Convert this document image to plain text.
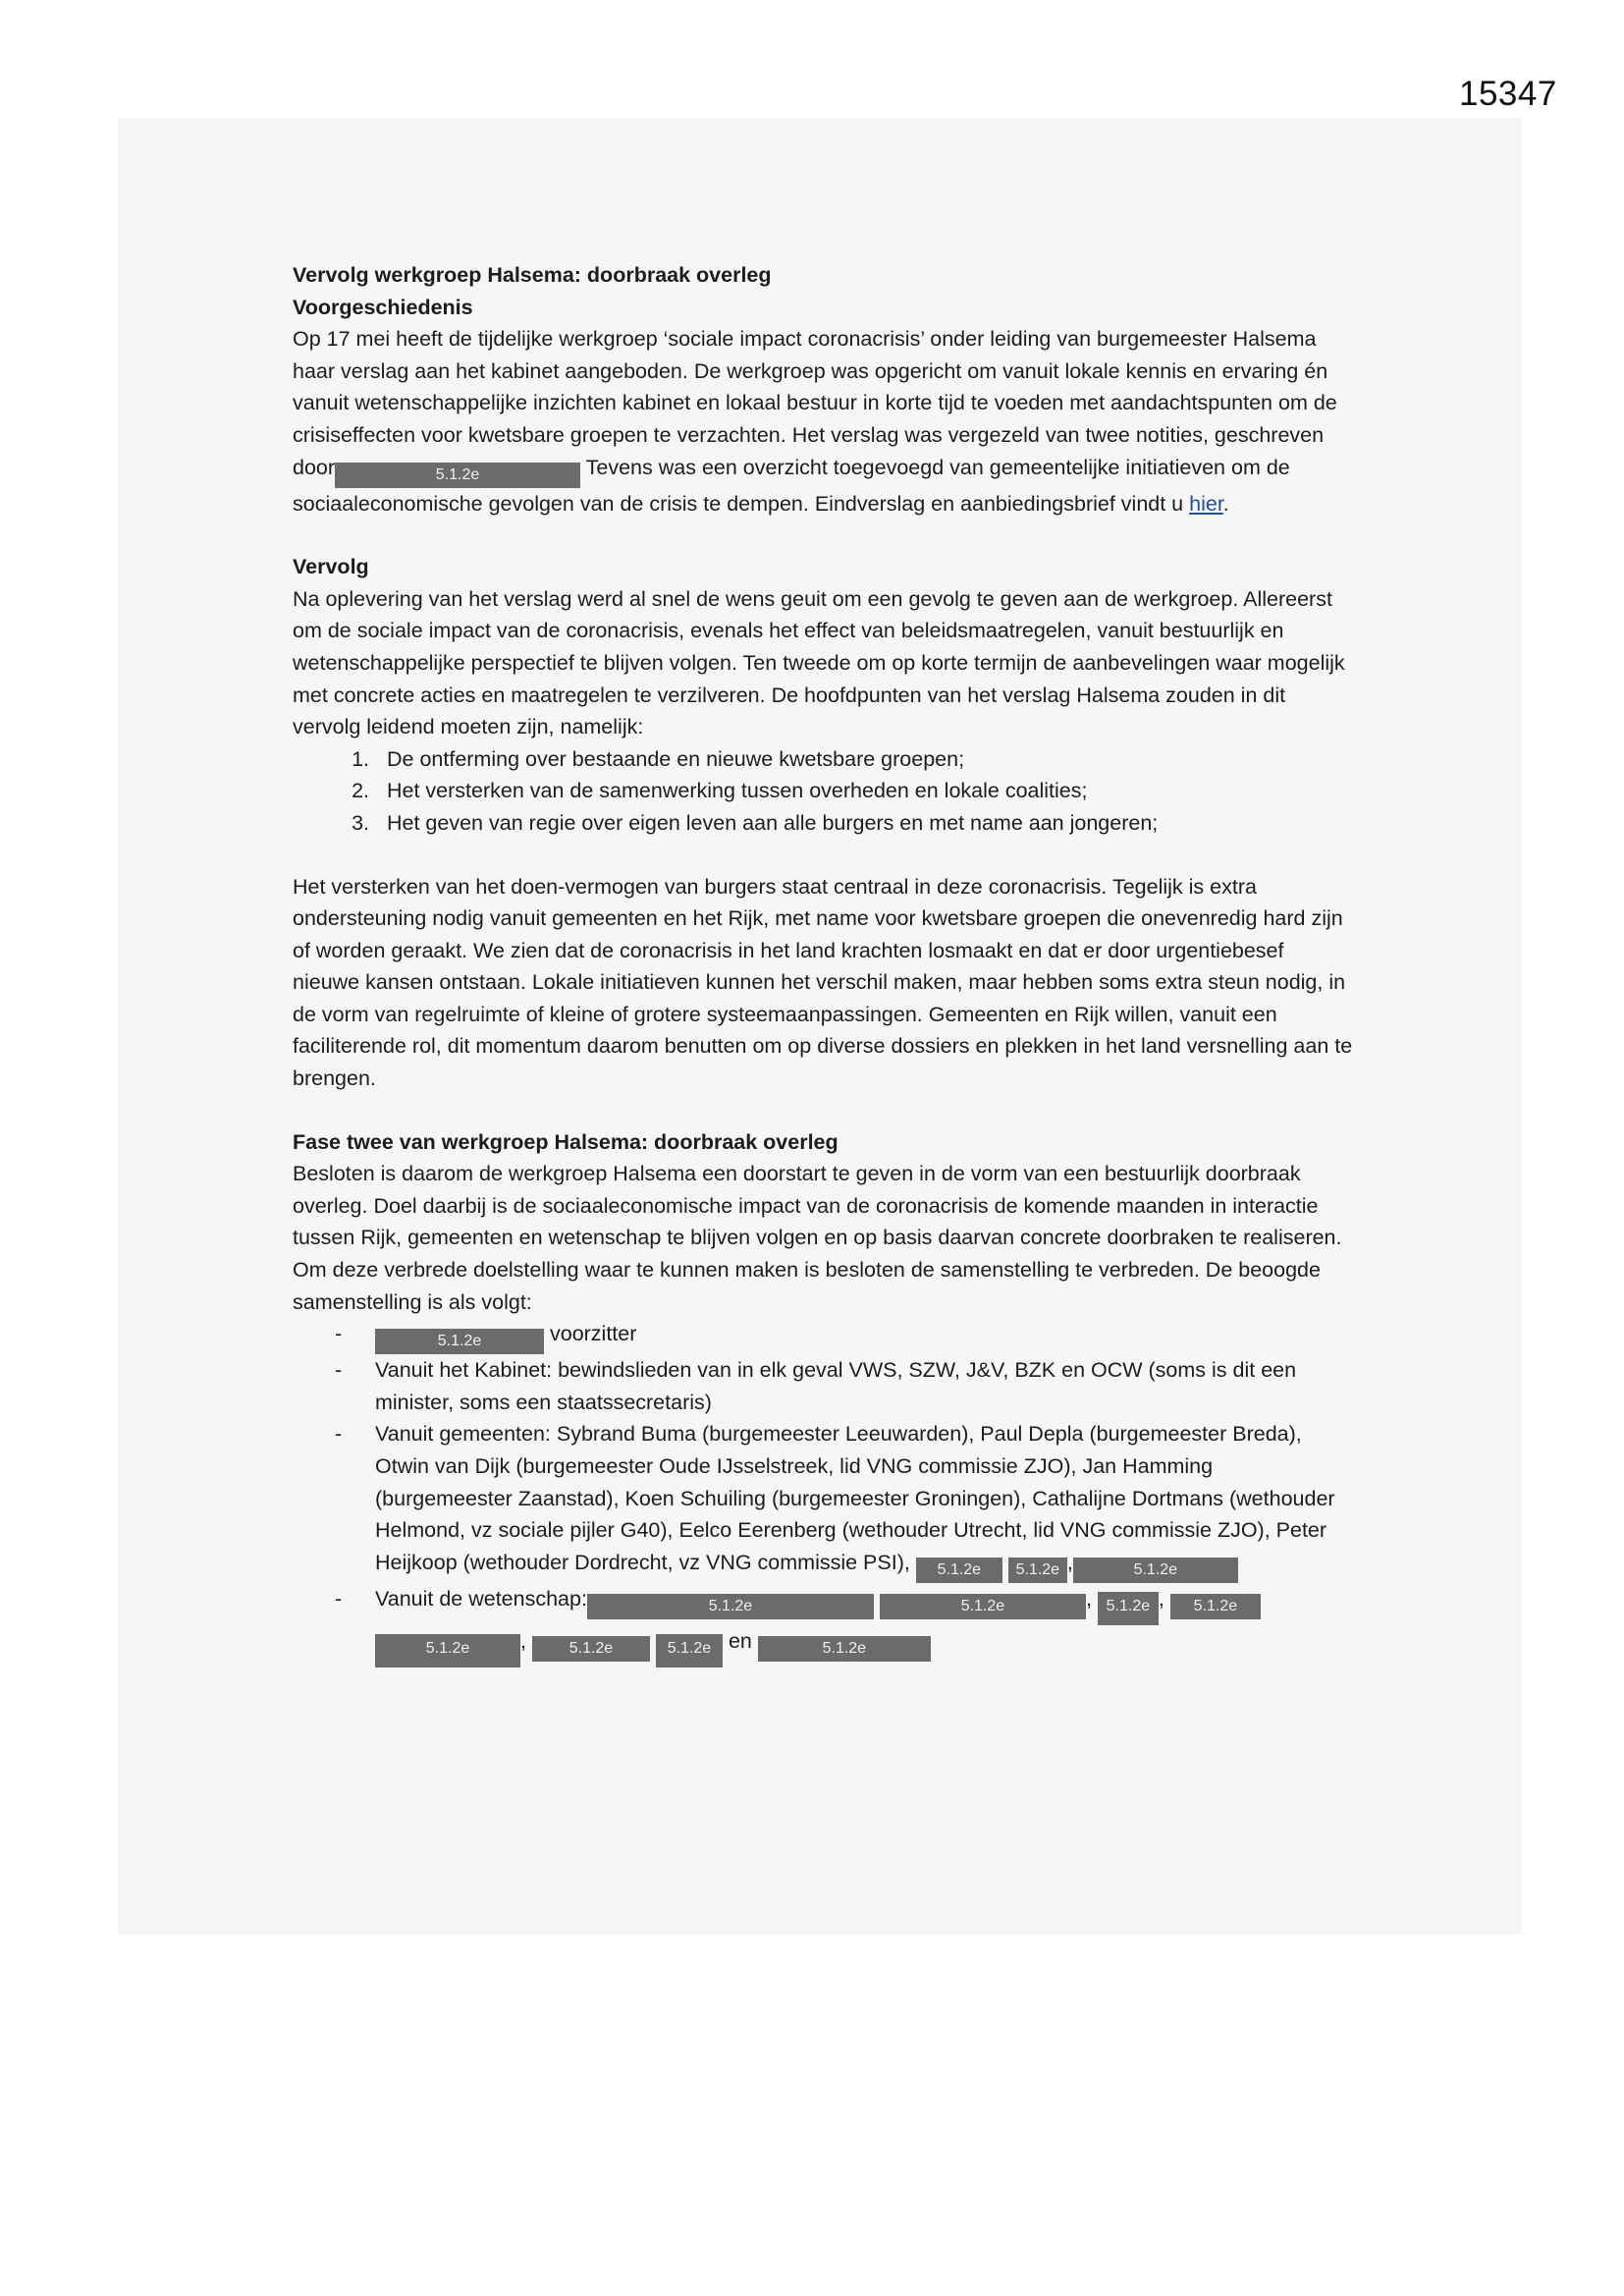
15347

Vervolg werkgroep Halsema: doorbraak overleg

Voorgeschiedenis

Op 17 mei heeft de tijdelijke werkgroep ‘sociale impact coronacrisis’ onder leiding van burgemeester Halsema haar verslag aan het kabinet aangeboden. De werkgroep was opgericht om vanuit lokale kennis en ervaring én vanuit wetenschappelijke inzichten kabinet en lokaal bestuur in korte tijd te voeden met aandachtspunten om de crisiseffecten voor kwetsbare groepen te verzachten. Het verslag was vergezeld van twee notities, geschreven door	5.1.2e	Tevens was een overzicht toegevoegd van gemeentelijke initiatieven om de sociaaleconomische gevolgen van de crisis te dempen. Eindverslag en aanbiedingsbrief vindt u hier.

Vervolg

Na oplevering van het verslag werd al snel de wens geuit om een gevolg te geven aan de werkgroep. Allereerst om de sociale impact van de coronacrisis, evenals het effect van beleidsmaatregelen, vanuit bestuurlijk en wetenschappelijke perspectief te blijven volgen. Ten tweede om op korte termijn de aanbevelingen waar mogelijk met concrete acties en maatregelen te verzilveren. De hoofdpunten van het verslag Halsema zouden in dit vervolg leidend moeten zijn, namelijk:

1. De ontferming over bestaande en nieuwe kwetsbare groepen;
2. Het versterken van de samenwerking tussen overheden en lokale coalities;
3. Het geven van regie over eigen leven aan alle burgers en met name aan jongeren;

Het versterken van het doen-vermogen van burgers staat centraal in deze coronacrisis. Tegelijk is extra ondersteuning nodig vanuit gemeenten en het Rijk, met name voor kwetsbare groepen die onevenredig hard zijn of worden geraakt. We zien dat de coronacrisis in het land krachten losmaakt en dat er door urgentiebesef nieuwe kansen ontstaan. Lokale initiatieven kunnen het verschil maken, maar hebben soms extra steun nodig, in de vorm van regelruimte of kleine of grotere systeemaanpassingen. Gemeenten en Rijk willen, vanuit een faciliterende rol, dit momentum daarom benutten om op diverse dossiers en plekken in het land versnelling aan te brengen.

Fase twee van werkgroep Halsema: doorbraak overleg

Besloten is daarom de werkgroep Halsema een doorstart te geven in de vorm van een bestuurlijk doorbraak overleg. Doel daarbij is de sociaaleconomische impact van de coronacrisis de komende maanden in interactie tussen Rijk, gemeenten en wetenschap te blijven volgen en op basis daarvan concrete doorbraken te realiseren. Om deze verbrede doelstelling waar te kunnen maken is besloten de samenstelling te verbreden. De beoogde samenstelling is als volgt:

-	5.1.2e	voorzitter
- Vanuit het Kabinet: bewindslieden van in elk geval VWS, SZW, J&V, BZK en OCW (soms is dit een minister, soms een staatssecretaris)
- Vanuit gemeenten: Sybrand Buma (burgemeester Leeuwarden), Paul Depla (burgemeester Breda), Otwin van Dijk (burgemeester Oude IJsselstreek, lid VNG commissie ZJO), Jan Hamming (burgemeester Zaanstad), Koen Schuiling (burgemeester Groningen), Cathalijne Dortmans (wethouder Helmond, vz sociale pijler G40), Eelco Eerenberg (wethouder Utrecht, lid VNG commissie ZJO), Peter Heijkoop (wethouder Dordrecht, vz VNG commissie PSI), 5.1.2e 5.1.2e ,	5.1.2e
- Vanuit de wetenschap:	5.1.2e	5.1.2e	, 5.1.2e , 5.1.2e
5.1.2e ,	5.1.2e	5.1.2e en	5.1.2e
